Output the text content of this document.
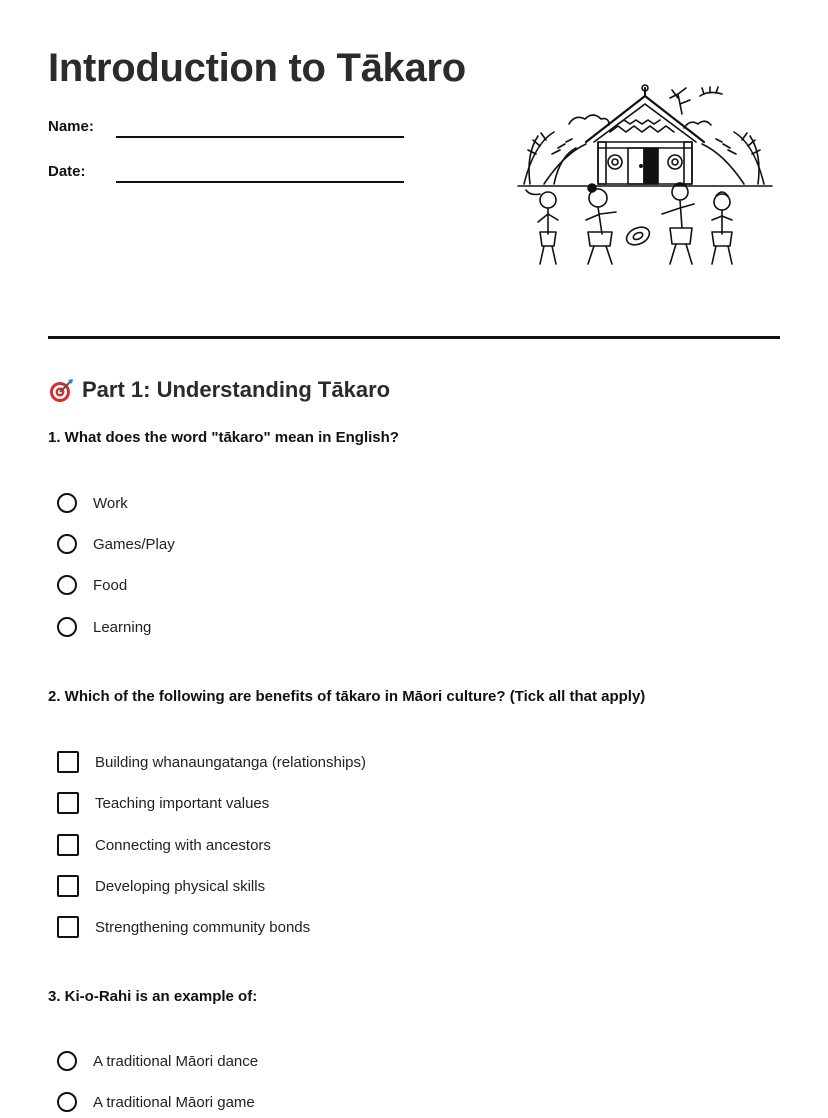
Introduction to Tākaro
Name:
Date:
Part 1: Understanding Tākaro
1. What does the word "tākaro" mean in English?
Work
Games/Play
Food
Learning
2. Which of the following are benefits of tākaro in Māori culture? (Tick all that apply)
Building whanaungatanga (relationships)
Teaching important values
Connecting with ancestors
Developing physical skills
Strengthening community bonds
3. Ki-o-Rahi is an example of:
A traditional Māori dance
A traditional Māori game
